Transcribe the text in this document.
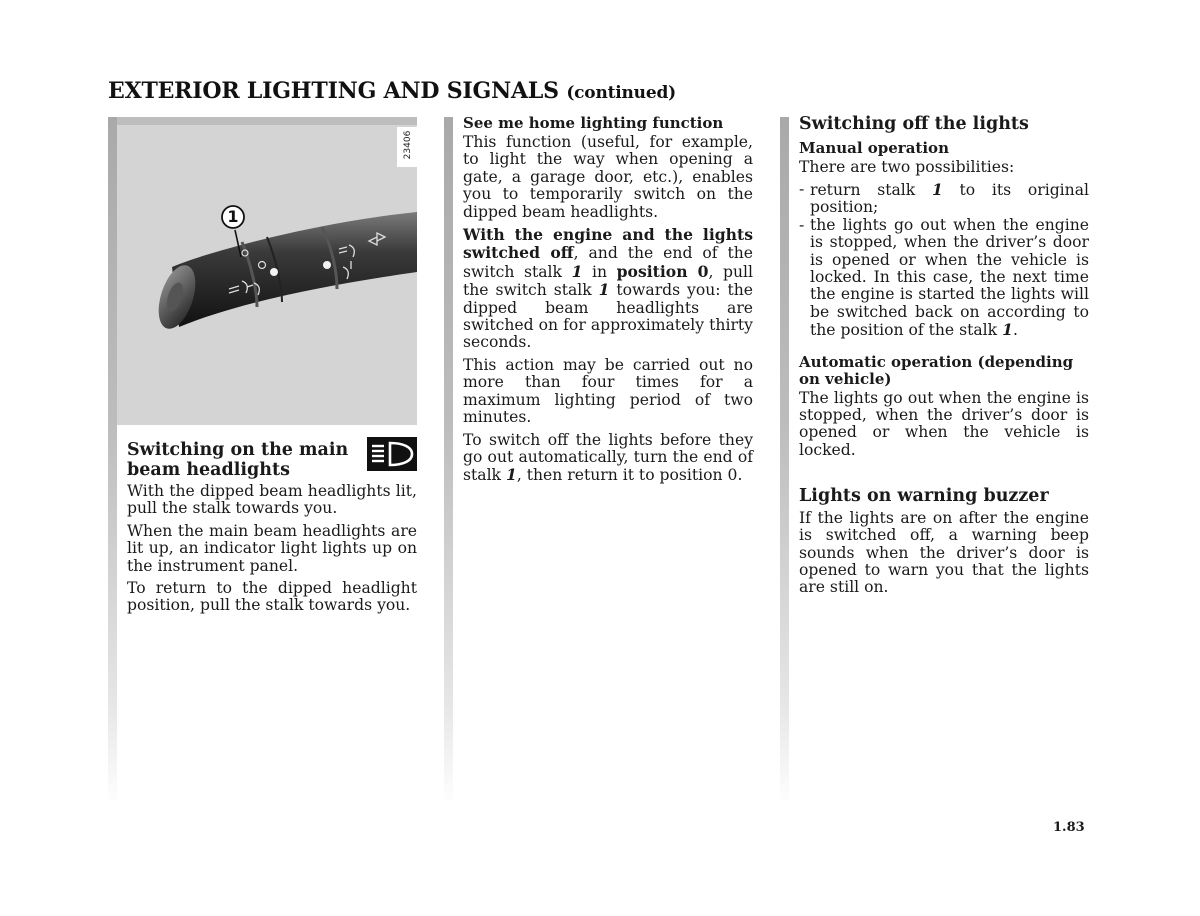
EXTERIOR LIGHTING AND SIGNALS (continued)
23406
1
Switching on the main
beam headlights

With the dipped beam headlights lit, pull the stalk towards you.

When the main beam headlights are lit up, an indicator light lights up on the instrument panel.

To return to the dipped headlight position, pull the stalk towards you.

See me home lighting function

This function (useful, for example, to light the way when opening a gate, a garage door, etc.), enables you to temporarily switch on the dipped beam headlights.

With the engine and the lights switched off, and the end of the switch stalk 1 in position 0, pull the switch stalk 1 towards you: the dipped beam headlights are switched on for approximately thirty seconds.

This action may be carried out no more than four times for a maximum lighting period of two minutes.

To switch off the lights before they go out automatically, turn the end of stalk 1, then return it to position 0.

Switching off the lights
Manual operation

There are two possibilities:

- return stalk 1 to its original position;
- the lights go out when the engine is stopped, when the driver’s door is opened or when the vehicle is locked. In this case, the next time the engine is started the lights will be switched back on according to the position of the stalk 1.
Automatic operation (depending on vehicle)

The lights go out when the engine is stopped, when the driver’s door is opened or when the vehicle is locked.

Lights on warning buzzer

If the lights are on after the engine is switched off, a warning beep sounds when the driver’s door is opened to warn you that the lights are still on.

1.83
